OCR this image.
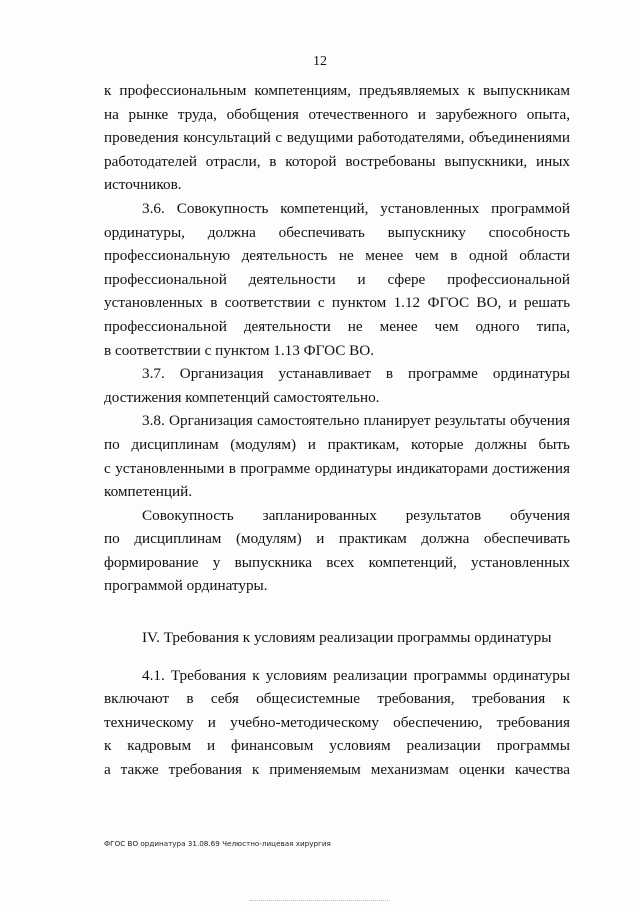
12
к профессиональным компетенциям, предъявляемых к выпускникам
на рынке труда, обобщения отечественного и зарубежного опыта,
проведения консультаций с ведущими работодателями, объединениями
работодателей отрасли, в которой востребованы выпускники, иных
источников.
3.6. Совокупность компетенций, установленных программой
ординатуры, должна обеспечивать выпускнику способность
профессиональную деятельность не менее чем в одной области
профессиональной деятельности и сфере профессиональной
установленных в соответствии с пунктом 1.12 ФГОС ВО, и решать
профессиональной деятельности не менее чем одного типа,
в соответствии с пунктом 1.13 ФГОС ВО.
3.7. Организация устанавливает в программе ординатуры
достижения компетенций самостоятельно.
3.8. Организация самостоятельно планирует результаты обучения
по дисциплинам (модулям) и практикам, которые должны быть
с установленными в программе ординатуры индикаторами достижения
компетенций.
Совокупность запланированных результатов обучения
по дисциплинам (модулям) и практикам должна обеспечивать
формирование у выпускника всех компетенций, установленных
программой ординатуры.
IV. Требования к условиям реализации программы ординатуры
4.1. Требования к условиям реализации программы ординатуры
включают в себя общесистемные требования, требования к
техническому и учебно-методическому обеспечению, требования
к кадровым и финансовым условиям реализации программы
а также требования к применяемым механизмам оценки качества
ФГОС ВО ординатура 31.08.69 Челюстно-лицевая хирургия
